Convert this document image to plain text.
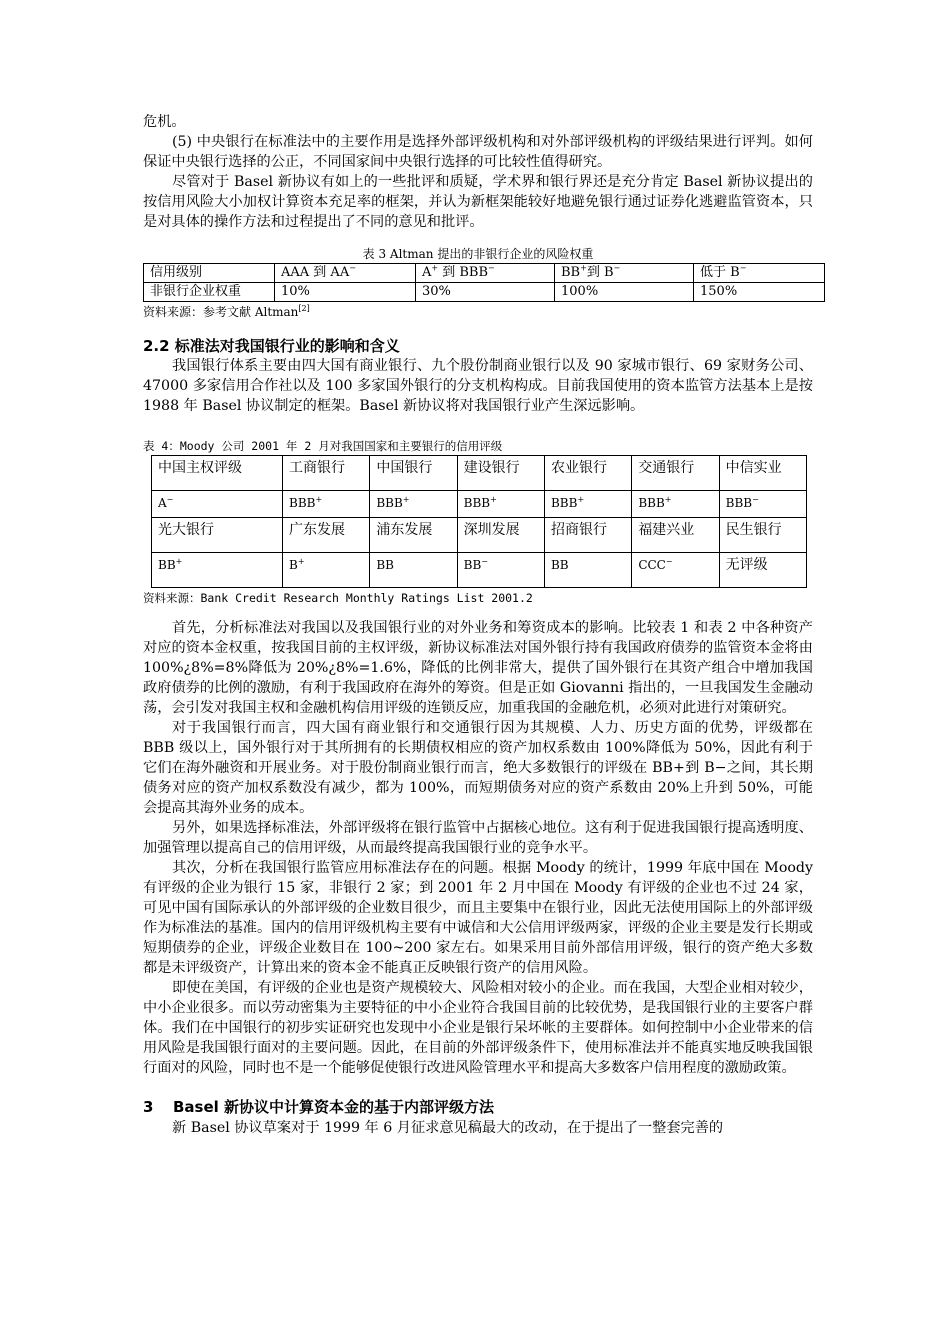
危机。

(5) 中央银行在标准法中的主要作用是选择外部评级机构和对外部评级机构的评级结果进行评判。如何保证中央银行选择的公正，不同国家间中央银行选择的可比较性值得研究。

尽管对于 Basel 新协议有如上的一些批评和质疑，学术界和银行界还是充分肯定 Basel 新协议提出的按信用风险大小加权计算资本充足率的框架，并认为新框架能较好地避免银行通过证券化逃避监管资本，只是对具体的操作方法和过程提出了不同的意见和批评。

表 3 Altman 提出的非银行企业的风险权重
信用级别	AAA 到 AA−	A+ 到 BBB−	BB+到 B−	低于 B−
非银行企业权重	10%	30%	100%	150%
资料来源：参考文献 Altman[2]
2.2 标准法对我国银行业的影响和含义

我国银行体系主要由四大国有商业银行、九个股份制商业银行以及 90 家城市银行、69 家财务公司、47000 多家信用合作社以及 100 多家国外银行的分支机构构成。目前我国使用的资本监管方法基本上是按 1988 年 Basel 协议制定的框架。Basel 新协议将对我国银行业产生深远影响。

表 4：Moody 公司 2001 年 2 月对我国国家和主要银行的信用评级
中国主权评级	工商银行	中国银行	建设银行	农业银行	交通银行	中信实业
A−	BBB+	BBB+	BBB+	BBB+	BBB+	BBB−
光大银行	广东发展	浦东发展	深圳发展	招商银行	福建兴业	民生银行
BB+	B+	BB	BB−	BB	CCC−	无评级
资料来源：Bank Credit Research Monthly Ratings List 2001.2

首先，分析标准法对我国以及我国银行业的对外业务和筹资成本的影响。比较表 1 和表 2 中各种资产对应的资本金权重，按我国目前的主权评级，新协议标准法对国外银行持有我国政府债券的监管资本金将由 100%¿8%=8%降低为 20%¿8%=1.6%，降低的比例非常大，提供了国外银行在其资产组合中增加我国政府债券的比例的激励，有利于我国政府在海外的筹资。但是正如 Giovanni 指出的，一旦我国发生金融动荡，会引发对我国主权和金融机构信用评级的连锁反应，加重我国的金融危机，必须对此进行对策研究。

对于我国银行而言，四大国有商业银行和交通银行因为其规模、人力、历史方面的优势，评级都在 BBB 级以上，国外银行对于其所拥有的长期债权相应的资产加权系数由 100%降低为 50%，因此有利于它们在海外融资和开展业务。对于股份制商业银行而言，绝大多数银行的评级在 BB+到 B−之间，其长期债务对应的资产加权系数没有减少，都为 100%，而短期债务对应的资产系数由 20%上升到 50%，可能会提高其海外业务的成本。

另外，如果选择标准法，外部评级将在银行监管中占据核心地位。这有利于促进我国银行提高透明度、加强管理以提高自己的信用评级，从而最终提高我国银行业的竞争水平。

其次，分析在我国银行监管应用标准法存在的问题。根据 Moody 的统计，1999 年底中国在 Moody 有评级的企业为银行 15 家，非银行 2 家；到 2001 年 2 月中国在 Moody 有评级的企业也不过 24 家，可见中国有国际承认的外部评级的企业数目很少，而且主要集中在银行业，因此无法使用国际上的外部评级作为标准法的基准。国内的信用评级机构主要有中诚信和大公信用评级两家，评级的企业主要是发行长期或短期债券的企业，评级企业数目在 100~200 家左右。如果采用目前外部信用评级，银行的资产绝大多数都是未评级资产，计算出来的资本金不能真正反映银行资产的信用风险。

即使在美国，有评级的企业也是资产规模较大、风险相对较小的企业。而在我国，大型企业相对较少，中小企业很多。而以劳动密集为主要特征的中小企业符合我国目前的比较优势，是我国银行业的主要客户群体。我们在中国银行的初步实证研究也发现中小企业是银行呆坏帐的主要群体。如何控制中小企业带来的信用风险是我国银行面对的主要问题。因此，在目前的外部评级条件下，使用标准法并不能真实地反映我国银行面对的风险，同时也不是一个能够促使银行改进风险管理水平和提高大多数客户信用程度的激励政策。

3 Basel 新协议中计算资本金的基于内部评级方法

新 Basel 协议草案对于 1999 年 6 月征求意见稿最大的改动，在于提出了一整套完善的
